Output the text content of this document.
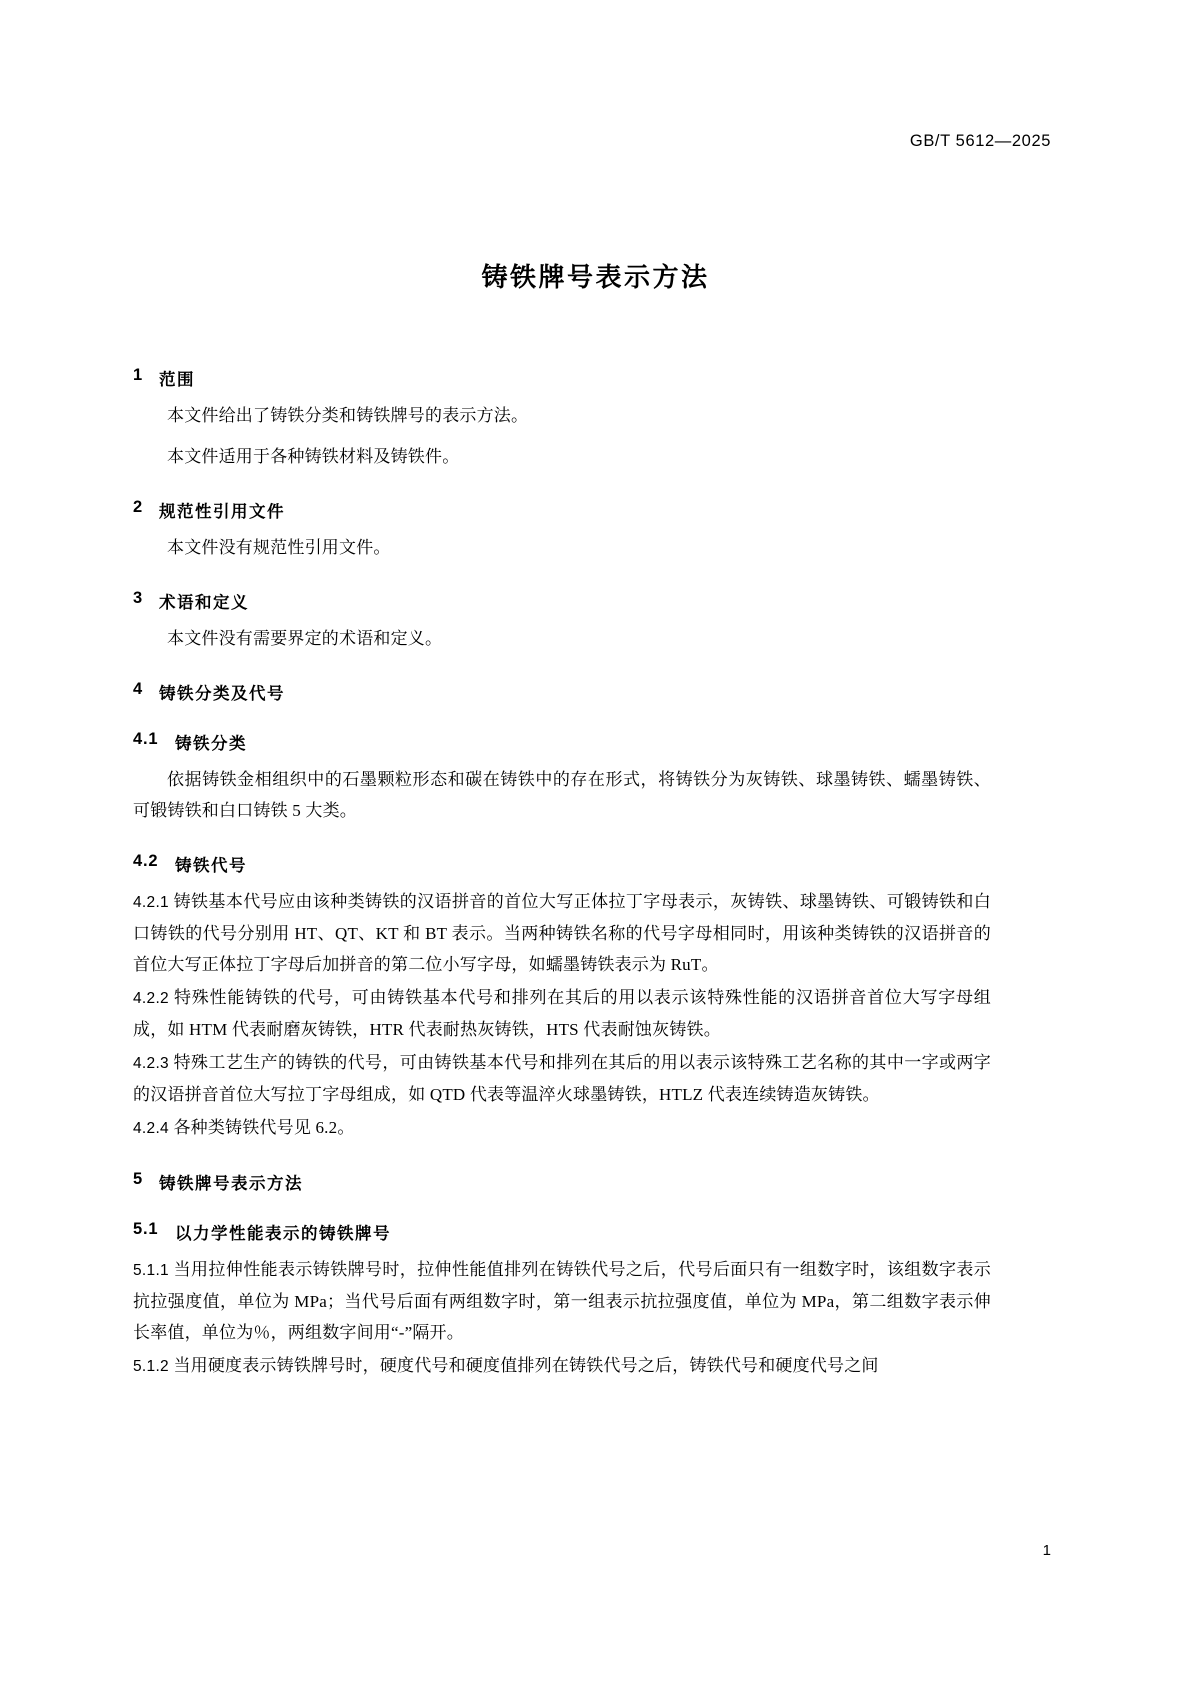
GB/T 5612—2025
铸铁牌号表示方法
1 范围

本文件给出了铸铁分类和铸铁牌号的表示方法。

本文件适用于各种铸铁材料及铸铁件。

2 规范性引用文件

本文件没有规范性引用文件。

3 术语和定义

本文件没有需要界定的术语和定义。

4 铸铁分类及代号
4.1	铸铁分类

依据铸铁金相组织中的石墨颗粒形态和碳在铸铁中的存在形式，将铸铁分为灰铸铁、球墨铸铁、蠕墨铸铁、可锻铸铁和白口铸铁 5 大类。

4.2	铸铁代号

4.2.1 铸铁基本代号应由该种类铸铁的汉语拼音的首位大写正体拉丁字母表示，灰铸铁、球墨铸铁、可锻铸铁和白口铸铁的代号分别用 HT、QT、KT 和 BT 表示。当两种铸铁名称的代号字母相同时，用该种类铸铁的汉语拼音的首位大写正体拉丁字母后加拼音的第二位小写字母，如蠕墨铸铁表示为 RuT。

4.2.2 特殊性能铸铁的代号，可由铸铁基本代号和排列在其后的用以表示该特殊性能的汉语拼音首位大写字母组成，如 HTM 代表耐磨灰铸铁，HTR 代表耐热灰铸铁，HTS 代表耐蚀灰铸铁。

4.2.3 特殊工艺生产的铸铁的代号，可由铸铁基本代号和排列在其后的用以表示该特殊工艺名称的其中一字或两字的汉语拼音首位大写拉丁字母组成，如 QTD 代表等温淬火球墨铸铁，HTLZ 代表连续铸造灰铸铁。

4.2.4 各种类铸铁代号见 6.2。

5 铸铁牌号表示方法
5.1	以力学性能表示的铸铁牌号

5.1.1 当用拉伸性能表示铸铁牌号时，拉伸性能值排列在铸铁代号之后，代号后面只有一组数字时，该组数字表示抗拉强度值，单位为 MPa；当代号后面有两组数字时，第一组表示抗拉强度值，单位为 MPa，第二组数字表示伸长率值，单位为％，两组数字间用“-”隔开。

5.1.2 当用硬度表示铸铁牌号时，硬度代号和硬度值排列在铸铁代号之后，铸铁代号和硬度代号之间

1
